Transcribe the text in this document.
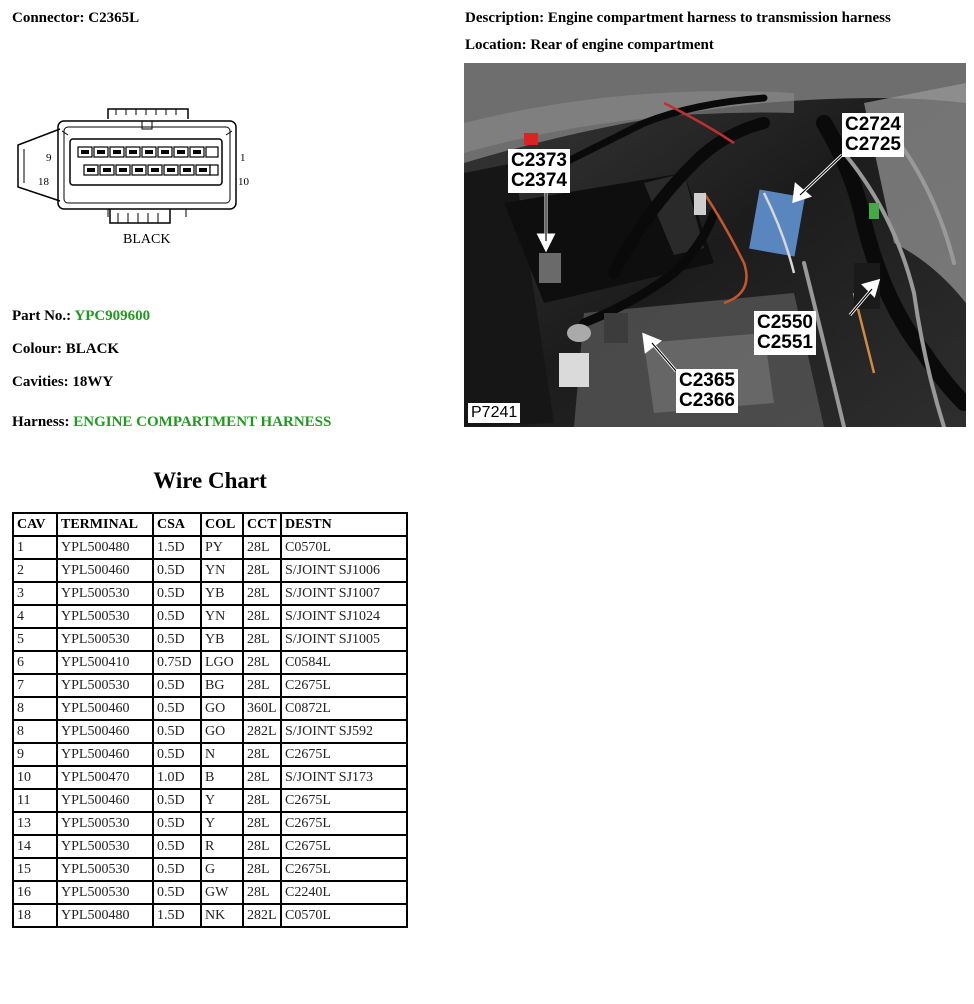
Connector: C2365L	Description: Engine compartment harness to transmission harness
Location: Rear of engine compartment
9
18
1
10
BLACK
C2373
C2374
C2724
C2725
C2550
C2551
C2365
C2366
P7241
Part No.: YPC909600
Colour: BLACK
Cavities: 18WY
Harness: ENGINE COMPARTMENT HARNESS
Wire Chart
CAV	TERMINAL	CSA	COL	CCT	DESTN
1	YPL500480	1.5D	PY	28L	C0570L
2	YPL500460	0.5D	YN	28L	S/JOINT SJ1006
3	YPL500530	0.5D	YB	28L	S/JOINT SJ1007
4	YPL500530	0.5D	YN	28L	S/JOINT SJ1024
5	YPL500530	0.5D	YB	28L	S/JOINT SJ1005
6	YPL500410	0.75D	LGO	28L	C0584L
7	YPL500530	0.5D	BG	28L	C2675L
8	YPL500460	0.5D	GO	360L	C0872L
8	YPL500460	0.5D	GO	282L	S/JOINT SJ592
9	YPL500460	0.5D	N	28L	C2675L
10	YPL500470	1.0D	B	28L	S/JOINT SJ173
11	YPL500460	0.5D	Y	28L	C2675L
13	YPL500530	0.5D	Y	28L	C2675L
14	YPL500530	0.5D	R	28L	C2675L
15	YPL500530	0.5D	G	28L	C2675L
16	YPL500530	0.5D	GW	28L	C2240L
18	YPL500480	1.5D	NK	282L	C0570L
